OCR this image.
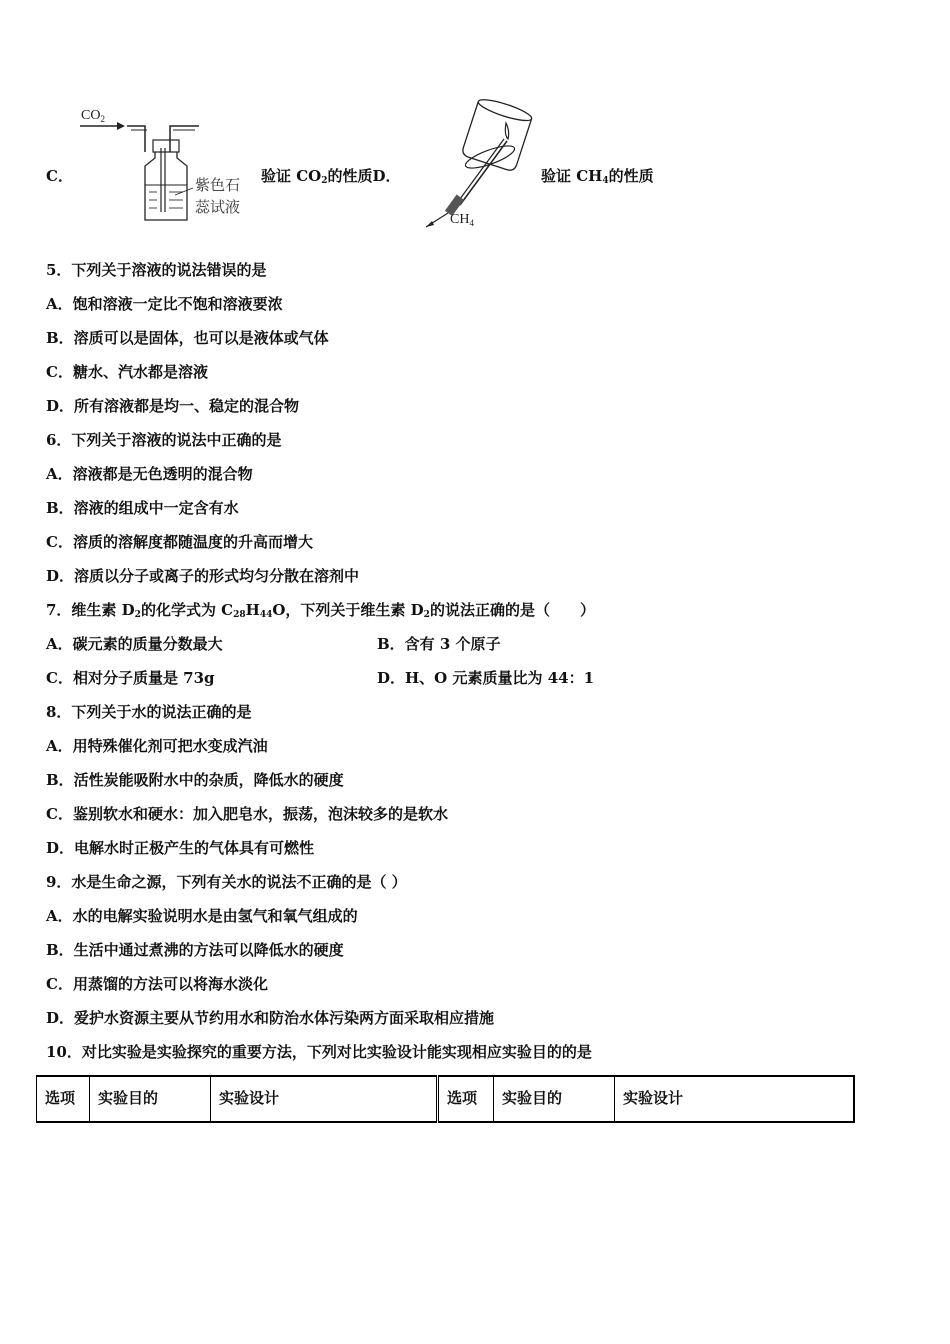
C．
$CO_2$
紫色石
蕊试液
验证 $CO_2$的性质D．
$CH_4$
验证 $CH_4$的性质
5．下列关于溶液的说法错误的是
A．饱和溶液一定比不饱和溶液要浓
B．溶质可以是固体，也可以是液体或气体
C．糖水、汽水都是溶液
D．所有溶液都是均一、稳定的混合物
6．下列关于溶液的说法中正确的是
A．溶液都是无色透明的混合物
B．溶液的组成中一定含有水
C．溶质的溶解度都随温度的升高而增大
D．溶质以分子或离子的形式均匀分散在溶剂中
7．维生素 $D_2$的化学式为 $C_{28}H_{44}O$，下列关于维生素 $D_2$的说法正确的是（　　）
A．碳元素的质量分数最大	B．含有 3 个原子
C．相对分子质量是 73g	D．H、O 元素质量比为 44：1
8．下列关于水的说法正确的是
A．用特殊催化剂可把水变成汽油
B．活性炭能吸附水中的杂质，降低水的硬度
C．鉴别软水和硬水：加入肥皂水，振荡，泡沫较多的是软水
D．电解水时正极产生的气体具有可燃性
9．水是生命之源，下列有关水的说法不正确的是（ ）
A．水的电解实验说明水是由氢气和氧气组成的
B．生活中通过煮沸的方法可以降低水的硬度
C．用蒸馏的方法可以将海水淡化
D．爱护水资源主要从节约用水和防治水体污染两方面采取相应措施
10．对比实验是实验探究的重要方法，下列对比实验设计能实现相应实验目的的是
选项	实验目的	实验设计	选项	实验目的	实验设计
